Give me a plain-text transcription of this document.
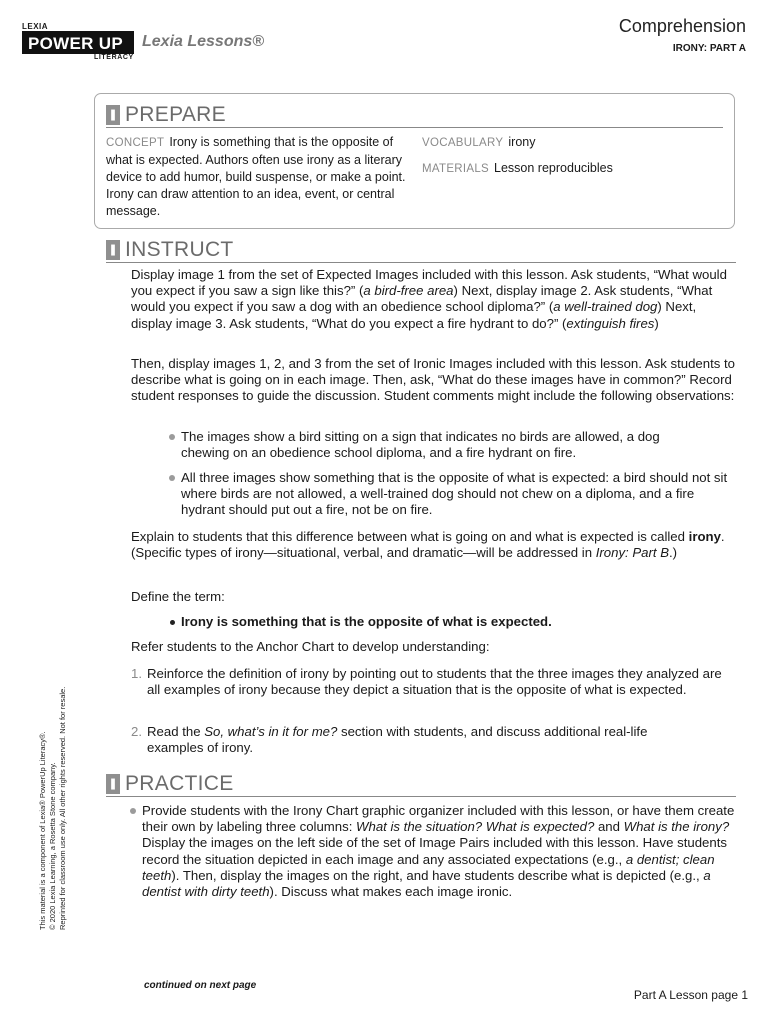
LEXIA
POWER UP
LITERACY
Lexia Lessons®
Comprehension
IRONY: PART A
❚ PREPARE
CONCEPT Irony is something that is the opposite of what is expected. Authors often use irony as a literary device to add humor, build suspense, or make a point. Irony can draw attention to an idea, event, or central message.
VOCABULARY irony
MATERIALS Lesson reproducibles
❚ INSTRUCT
Display image 1 from the set of Expected Images included with this lesson. Ask students, “What would you expect if you saw a sign like this?” (a bird-free area) Next, display image 2. Ask students, “What would you expect if you saw a dog with an obedience school diploma?” (a well-trained dog) Next, display image 3. Ask students, “What do you expect a fire hydrant to do?” (extinguish fires)
Then, display images 1, 2, and 3 from the set of Ironic Images included with this lesson. Ask students to describe what is going on in each image. Then, ask, “What do these images have in common?” Record student responses to guide the discussion. Student comments might include the following observations:
The images show a bird sitting on a sign that indicates no birds are allowed, a dog chewing on an obedience school diploma, and a fire hydrant on fire.
All three images show something that is the opposite of what is expected: a bird should not sit where birds are not allowed, a well-trained dog should not chew on a diploma, and a fire hydrant should put out a fire, not be on fire.
Explain to students that this difference between what is going on and what is expected is called irony. (Specific types of irony—situational, verbal, and dramatic—will be addressed in Irony: Part B.)
Define the term:
Irony is something that is the opposite of what is expected.
Refer students to the Anchor Chart to develop understanding:
1. Reinforce the definition of irony by pointing out to students that the three images they analyzed are all examples of irony because they depict a situation that is the opposite of what is expected.
2. Read the So, what’s in it for me? section with students, and discuss additional real-life examples of irony.
❚ PRACTICE
Provide students with the Irony Chart graphic organizer included with this lesson, or have them create their own by labeling three columns: What is the situation? What is expected? and What is the irony? Display the images on the left side of the set of Image Pairs included with this lesson. Have students record the situation depicted in each image and any associated expectations (e.g., a dentist; clean teeth). Then, display the images on the right, and have students describe what is depicted (e.g., a dentist with dirty teeth). Discuss what makes each image ironic.
This material is a component of Lexia® PowerUp Literacy®. © 2020 Lexia Learning, a Rosetta Stone company. Reprinted for classroom use only. All other rights reserved. Not for resale.
continued on next page
Part A Lesson page 1
